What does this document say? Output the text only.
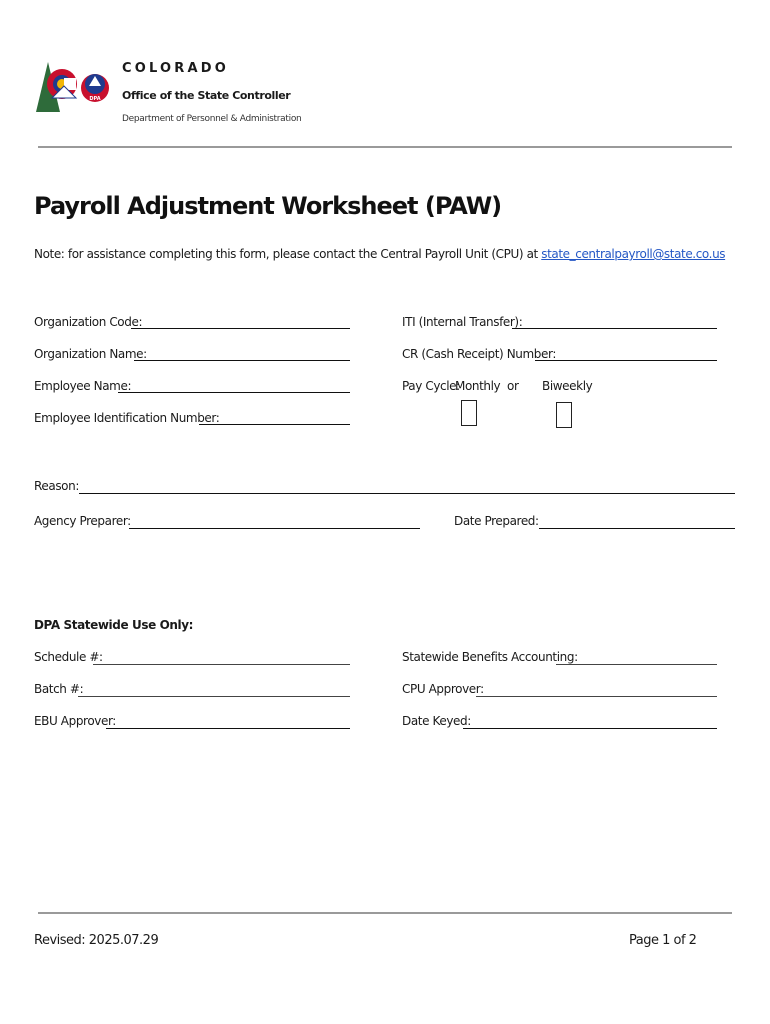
DPA
COLORADO
Office of the State Controller
Department of Personnel & Administration
Payroll Adjustment Worksheet (PAW)
Note: for assistance completing this form, please contact the Central Payroll Unit (CPU) at state_centralpayroll@state.co.us
Organization Code:
Organization Name:
Employee Name:
Employee Identification Number:
ITI (Internal Transfer):
CR (Cash Receipt) Number:
Pay Cycle:
Monthly or Biweekly
Reason:
Agency Preparer:	Date Prepared:
DPA Statewide Use Only:
Schedule #:
Batch #:
EBU Approver:
Statewide Benefits Accounting:
CPU Approver:
Date Keyed:
Revised: 2025.07.29	Page 1 of 2
